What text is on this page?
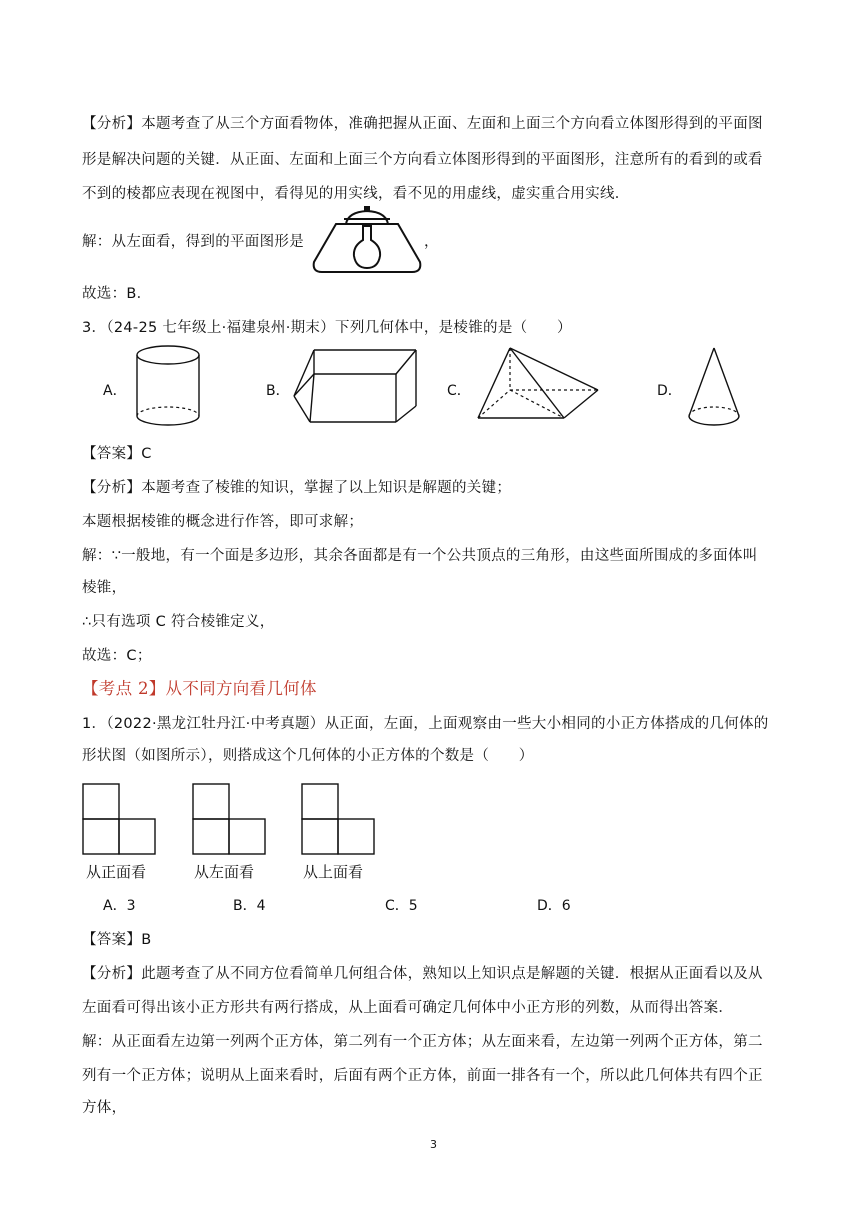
【分析】本题考查了从三个方面看物体，准确把握从正面、左面和上面三个方向看立体图形得到的平面图
形是解决问题的关键．从正面、左面和上面三个方向看立体图形得到的平面图形，注意所有的看到的或看
不到的棱都应表现在视图中，看得见的用实线，看不见的用虚线，虚实重合用实线．
解：从左面看，得到的平面图形是	，
故选：B．
3．（24-25 七年级上·福建泉州·期末）下列几何体中，是棱锥的是（　　）
A．	B．	C．	D．
【答案】C
【分析】本题考查了棱锥的知识，掌握了以上知识是解题的关键；
本题根据棱锥的概念进行作答，即可求解；
解：∵一般地，有一个面是多边形，其余各面都是有一个公共顶点的三角形，由这些面所围成的多面体叫
棱锥，
∴只有选项 C 符合棱锥定义，
故选：C；
【考点 2】从不同方向看几何体
1．（2022·黑龙江牡丹江·中考真题）从正面，左面，上面观察由一些大小相同的小正方体搭成的几何体的
形状图（如图所示），则搭成这个几何体的小正方体的个数是（　　）
从正面看	从左面看	从上面看
A．3	B．4	C．5	D．6
【答案】B
【分析】此题考查了从不同方位看简单几何组合体，熟知以上知识点是解题的关键．根据从正面看以及从
左面看可得出该小正方形共有两行搭成，从上面看可确定几何体中小正方形的列数，从而得出答案．
解：从正面看左边第一列两个正方体，第二列有一个正方体；从左面来看，左边第一列两个正方体，第二
列有一个正方体；说明从上面来看时，后面有两个正方体，前面一排各有一个，所以此几何体共有四个正
方体，
3
